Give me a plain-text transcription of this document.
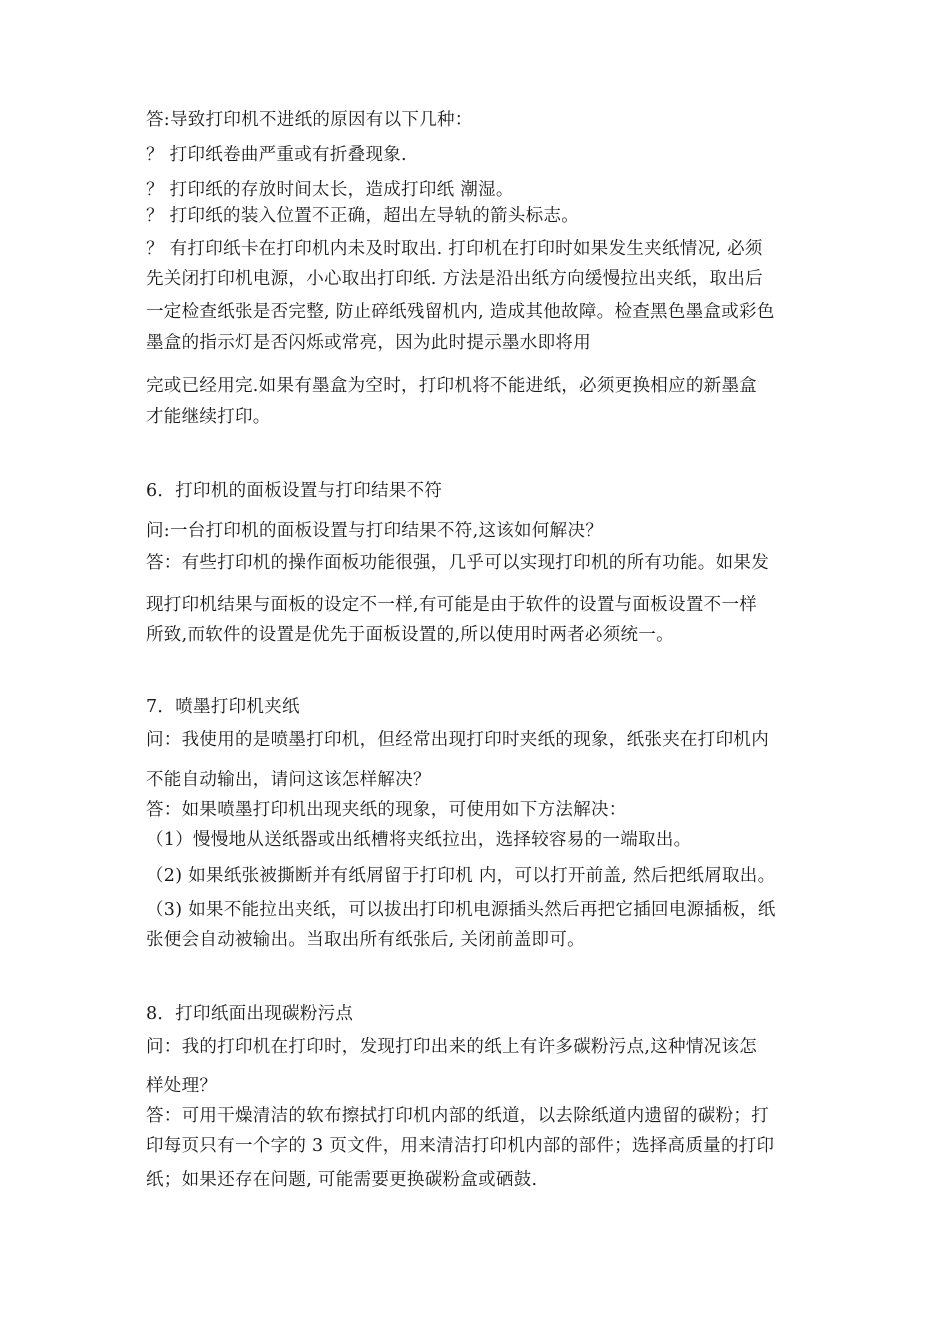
答:导致打印机不进纸的原因有以下几种：
？ 打印纸卷曲严重或有折叠现象.
？ 打印纸的存放时间太长，造成打印纸 潮湿。
？ 打印纸的装入位置不正确，超出左导轨的箭头标志。
？ 有打印纸卡在打印机内未及时取出. 打印机在打印时如果发生夹纸情况, 必须
先关闭打印机电源，小心取出打印纸. 方法是沿出纸方向缓慢拉出夹纸，取出后
一定检查纸张是否完整, 防止碎纸残留机内, 造成其他故障。检查黑色墨盒或彩色
墨盒的指示灯是否闪烁或常亮，因为此时提示墨水即将用
完或已经用完.如果有墨盒为空时，打印机将不能进纸，必须更换相应的新墨盒
才能继续打印。
6．打印机的面板设置与打印结果不符
问:一台打印机的面板设置与打印结果不符,这该如何解决？
答：有些打印机的操作面板功能很强，几乎可以实现打印机的所有功能。如果发
现打印机结果与面板的设定不一样,有可能是由于软件的设置与面板设置不一样
所致,而软件的设置是优先于面板设置的,所以使用时两者必须统一。
7．喷墨打印机夹纸
问：我使用的是喷墨打印机，但经常出现打印时夹纸的现象，纸张夹在打印机内
不能自动输出，请问这该怎样解决？
答：如果喷墨打印机出现夹纸的现象，可使用如下方法解决：
（1）慢慢地从送纸器或出纸槽将夹纸拉出，选择较容易的一端取出。
（2) 如果纸张被撕断并有纸屑留于打印机 内，可以打开前盖, 然后把纸屑取出。
（3) 如果不能拉出夹纸，可以拔出打印机电源插头然后再把它插回电源插板，纸
张便会自动被输出。当取出所有纸张后, 关闭前盖即可。
8．打印纸面出现碳粉污点
问：我的打印机在打印时，发现打印出来的纸上有许多碳粉污点,这种情况该怎
样处理？
答：可用干燥清洁的软布擦拭打印机内部的纸道，以去除纸道内遗留的碳粉；打
印每页只有一个字的 3 页文件，用来清洁打印机内部的部件；选择高质量的打印
纸；如果还存在问题, 可能需要更换碳粉盒或硒鼓.
